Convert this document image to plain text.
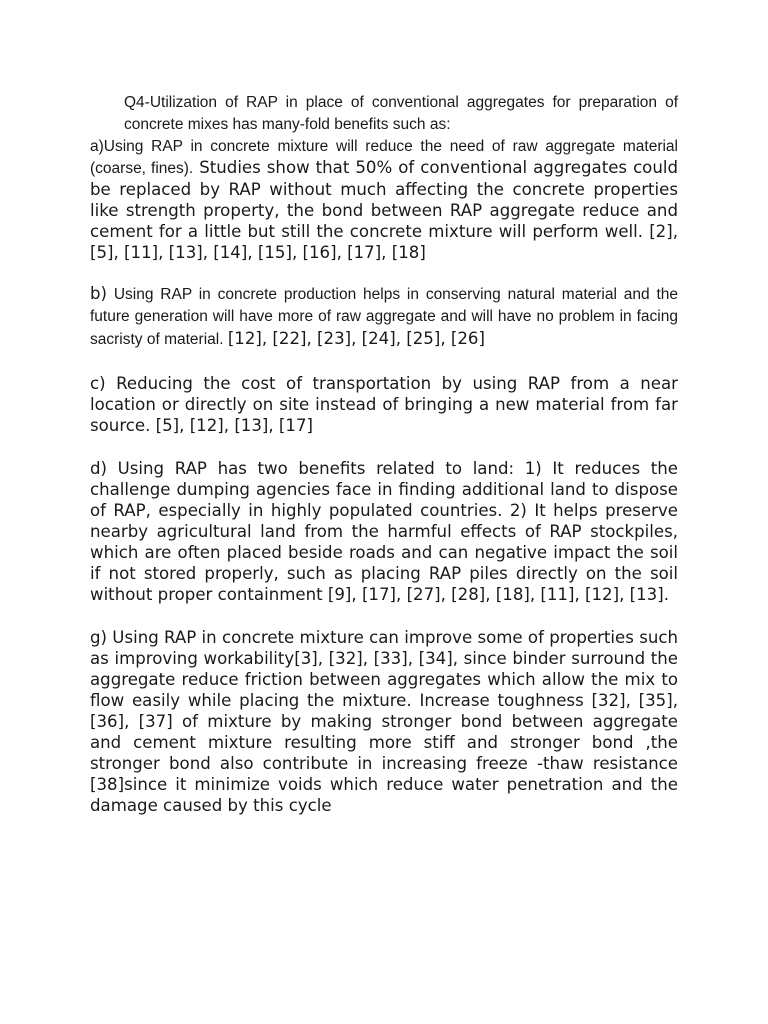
Q4-Utilization of RAP in place of conventional aggregates for preparation of concrete mixes has many-fold benefits such as:

a)Using RAP in concrete mixture will reduce the need of raw aggregate material (coarse, fines). Studies show that 50% of conventional aggregates could be replaced by RAP without much affecting the concrete properties like strength property, the bond between RAP aggregate reduce and cement for a little but still the concrete mixture will perform well. [2], [5], [11], [13], [14], [15], [16], [17], [18]

b) Using RAP in concrete production helps in conserving natural material and the future generation will have more of raw aggregate and will have no problem in facing sacristy of material. [12], [22], [23], [24], [25], [26]

c) Reducing the cost of transportation by using RAP from a near location or directly on site instead of bringing a new material from far source. [5], [12], [13], [17]

d) Using RAP has two benefits related to land: 1) It reduces the challenge dumping agencies face in finding additional land to dispose of RAP, especially in highly populated countries. 2) It helps preserve nearby agricultural land from the harmful effects of RAP stockpiles, which are often placed beside roads and can negative impact the soil if not stored properly, such as placing RAP piles directly on the soil without proper containment [9], [17], [27], [28], [18], [11], [12], [13].

g) Using RAP in concrete mixture can improve some of properties such as improving workability[3], [32], [33], [34], since binder surround the aggregate reduce friction between aggregates which allow the mix to flow easily while placing the mixture. Increase toughness [32], [35], [36], [37] of mixture by making stronger bond between aggregate and cement mixture resulting more stiff and stronger bond ,the stronger bond also contribute in increasing freeze -thaw resistance [38]since it minimize voids which reduce water penetration and the damage caused by this cycle
